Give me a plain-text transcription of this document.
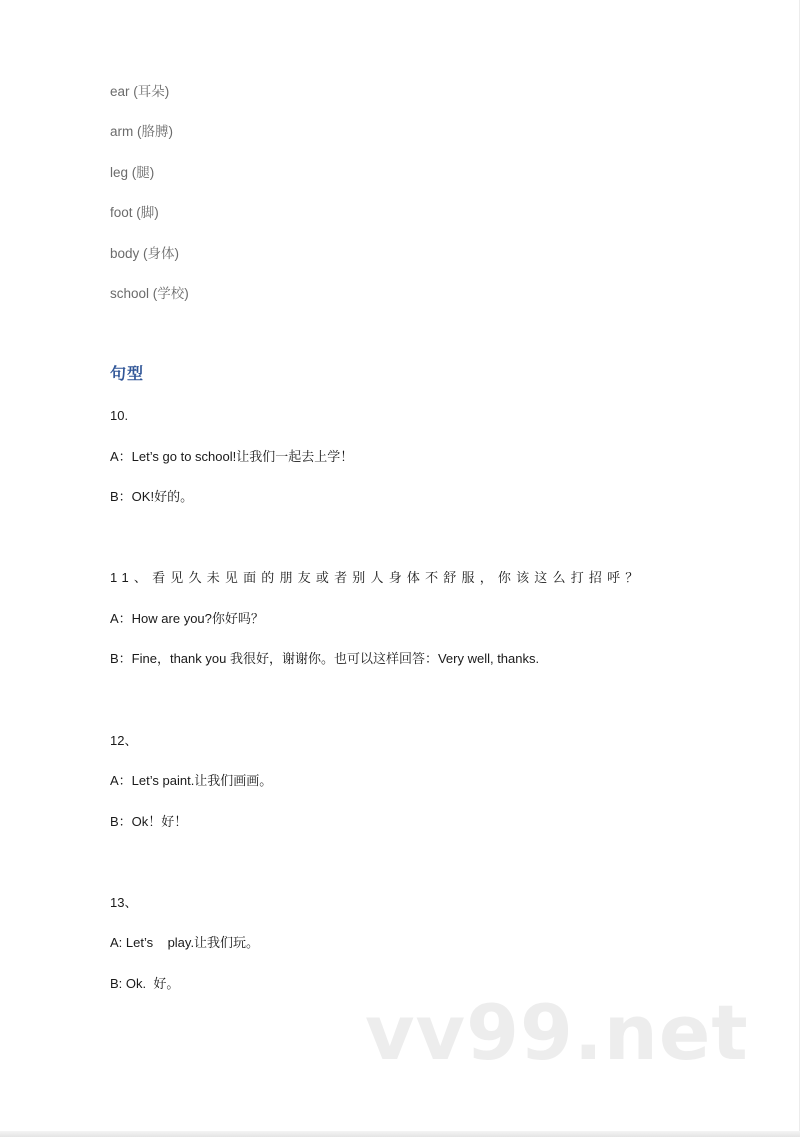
ear (耳朵)
arm (胳膊)
leg (腿)
foot (脚)
body (身体)
school (学校)
句型
10.
A：Let’s go to school!让我们一起去上学！
B：OK!好的。
11、看见久未见面的朋友或者别人身体不舒服，你该这么打招呼？
A：How are you?你好吗？
B：Fine，thank you 我很好，谢谢你。也可以这样回答：Very well, thanks.
12、
A：Let’s paint.让我们画画。
B：Ok！好！
13、
A: Let’s    play.让我们玩。
B: Ok.  好。
vv99.net
